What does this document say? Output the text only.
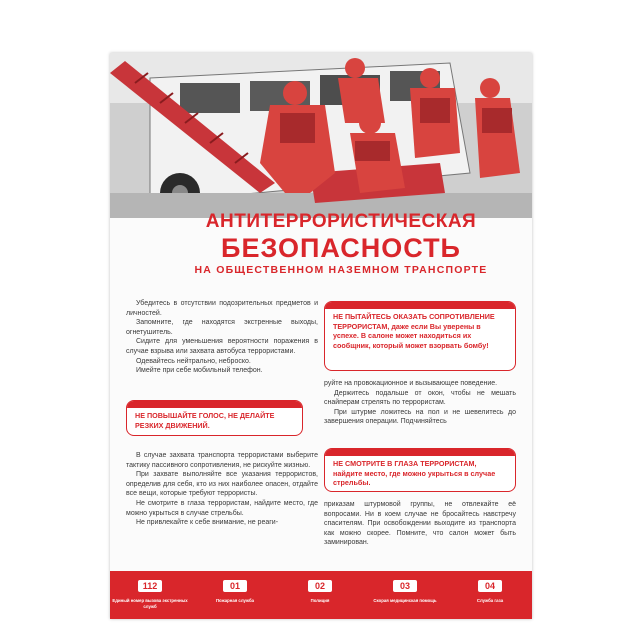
АНТИТЕРРОРИСТИЧЕСКАЯ
БЕЗОПАСНОСТЬ
НА ОБЩЕСТВЕННОМ НАЗЕМНОМ ТРАНСПОРТЕ

Убедитесь в отсутствии подозрительных предметов и личностей.

Запомните, где находятся экстренные выходы, огнетушитель.

Сидите для уменьшения вероятности поражения в случае взрыва или захвата автобуса террористами.

Одевайтесь нейтрально, неброско.

Имейте при себе мобильный телефон.

НЕ ПОВЫШАЙТЕ ГОЛОС, НЕ ДЕЛАЙТЕ РЕЗКИХ ДВИЖЕНИЙ.

В случае захвата транспорта террористами выберите тактику пассивного сопротивления, не рискуйте жизнью.

При захвате выполняйте все указания террористов, определив для себя, кто из них наиболее опасен, отдайте все вещи, которые требуют террористы.

Не смотрите в глаза террористам, найдите место, где можно укрыться в случае стрельбы.

Не привлекайте к себе внимание, не реаги-

НЕ ПЫТАЙТЕСЬ ОКАЗАТЬ СОПРОТИВЛЕНИЕ ТЕРРОРИСТАМ, даже если Вы уверены в успехе. В салоне может находиться их сообщник, который может взорвать бомбу!

руйте на провокационное и вызывающее поведение.

Держитесь подальше от окон, чтобы не мешать снайперам стрелять по террористам.

При штурме ложитесь на пол и не шевелитесь до завершения операции. Подчиняйтесь

НЕ СМОТРИТЕ В ГЛАЗА ТЕРРОРИСТАМ, найдите место, где можно укрыться в случае стрельбы.

приказам штурмовой группы, не отвлекайте её вопросами. Ни в коем случае не бросайтесь навстречу спасителям. При освобождении выходите из транспорта как можно скорее. Помните, что салон может быть заминирован.

112
Единый номер вызова экстренных служб
01
Пожарная служба
02
Полиция
03
Скорая медицинская помощь
04
Служба газа
